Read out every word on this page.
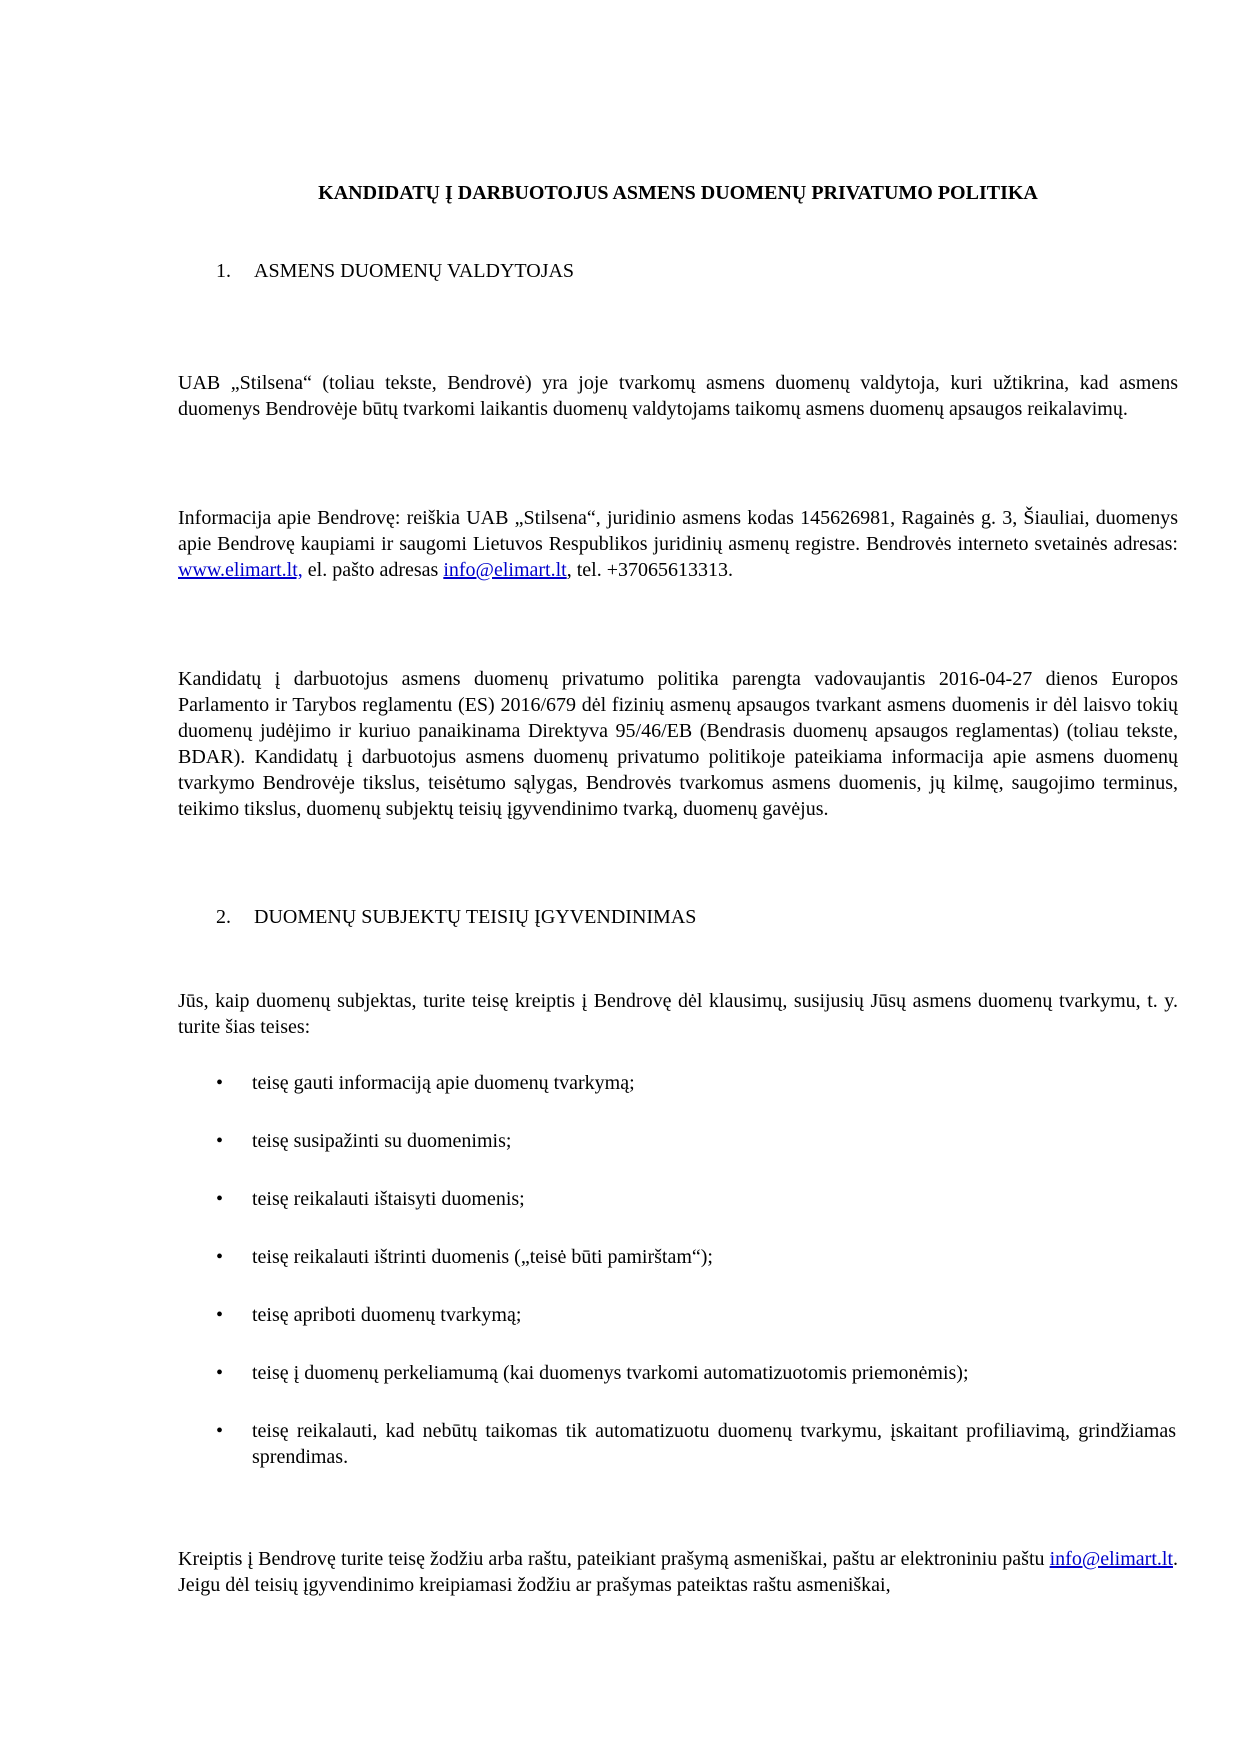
KANDIDATŲ Į DARBUOTOJUS ASMENS DUOMENŲ PRIVATUMO POLITIKA
1. ASMENS DUOMENŲ VALDYTOJAS
UAB „Stilsena“ (toliau tekste, Bendrovė) yra joje tvarkomų asmens duomenų valdytoja, kuri užtikrina, kad asmens duomenys Bendrovėje būtų tvarkomi laikantis duomenų valdytojams taikomų asmens duomenų apsaugos reikalavimų.
Informacija apie Bendrovę: reiškia UAB „Stilsena“, juridinio asmens kodas 145626981, Ragainės g. 3, Šiauliai, duomenys apie Bendrovę kaupiami ir saugomi Lietuvos Respublikos juridinių asmenų registre. Bendrovės interneto svetainės adresas: www.elimart.lt, el. pašto adresas info@elimart.lt, tel. +37065613313.
Kandidatų į darbuotojus asmens duomenų privatumo politika parengta vadovaujantis 2016-04-27 dienos Europos Parlamento ir Tarybos reglamentu (ES) 2016/679 dėl fizinių asmenų apsaugos tvarkant asmens duomenis ir dėl laisvo tokių duomenų judėjimo ir kuriuo panaikinama Direktyva 95/46/EB (Bendrasis duomenų apsaugos reglamentas) (toliau tekste, BDAR). Kandidatų į darbuotojus asmens duomenų privatumo politikoje pateikiama informacija apie asmens duomenų tvarkymo Bendrovėje tikslus, teisėtumo sąlygas, Bendrovės tvarkomus asmens duomenis, jų kilmę, saugojimo terminus, teikimo tikslus, duomenų subjektų teisių įgyvendinimo tvarką, duomenų gavėjus.
2. DUOMENŲ SUBJEKTŲ TEISIŲ ĮGYVENDINIMAS
Jūs, kaip duomenų subjektas, turite teisę kreiptis į Bendrovę dėl klausimų, susijusių Jūsų asmens duomenų tvarkymu, t. y. turite šias teises:
• teisę gauti informaciją apie duomenų tvarkymą;
• teisę susipažinti su duomenimis;
• teisę reikalauti ištaisyti duomenis;
• teisę reikalauti ištrinti duomenis („teisė būti pamirštam“);
• teisę apriboti duomenų tvarkymą;
• teisę į duomenų perkeliamumą (kai duomenys tvarkomi automatizuotomis priemonėmis);
• teisę reikalauti, kad nebūtų taikomas tik automatizuotu duomenų tvarkymu, įskaitant profiliavimą, grindžiamas sprendimas.
Kreiptis į Bendrovę turite teisę žodžiu arba raštu, pateikiant prašymą asmeniškai, paštu ar elektroniniu paštu info@elimart.lt. Jeigu dėl teisių įgyvendinimo kreipiamasi žodžiu ar prašymas pateiktas raštu asmeniškai,
